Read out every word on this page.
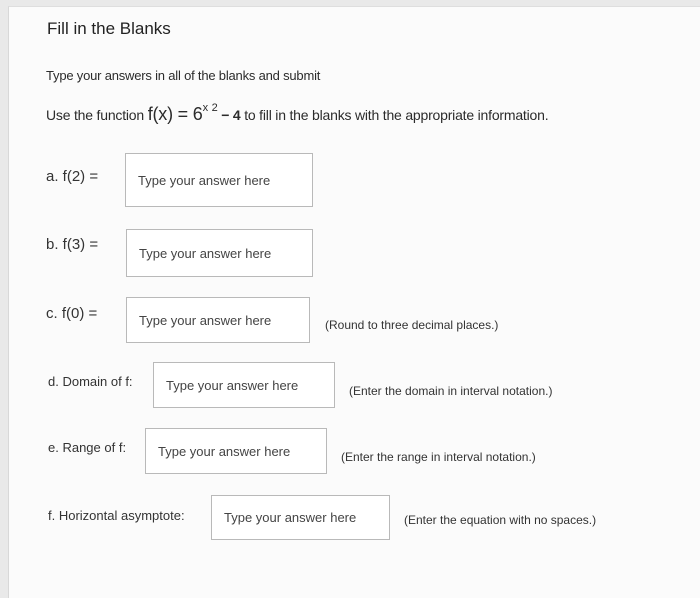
Fill in the Blanks
Type your answers in all of the blanks and submit
Use the function $f(x) = 6^x$ $^2$ − 4 to fill in the blanks with the appropriate information.
a. f(2) =
Type your answer here
b. f(3) =
Type your answer here
c. f(0) =
Type your answer here
(Round to three decimal places.)
d. Domain of f:
Type your answer here
(Enter the domain in interval notation.)
e. Range of f:
Type your answer here
(Enter the range in interval notation.)
f. Horizontal asymptote:
Type your answer here	(Enter the equation with no spaces.)
